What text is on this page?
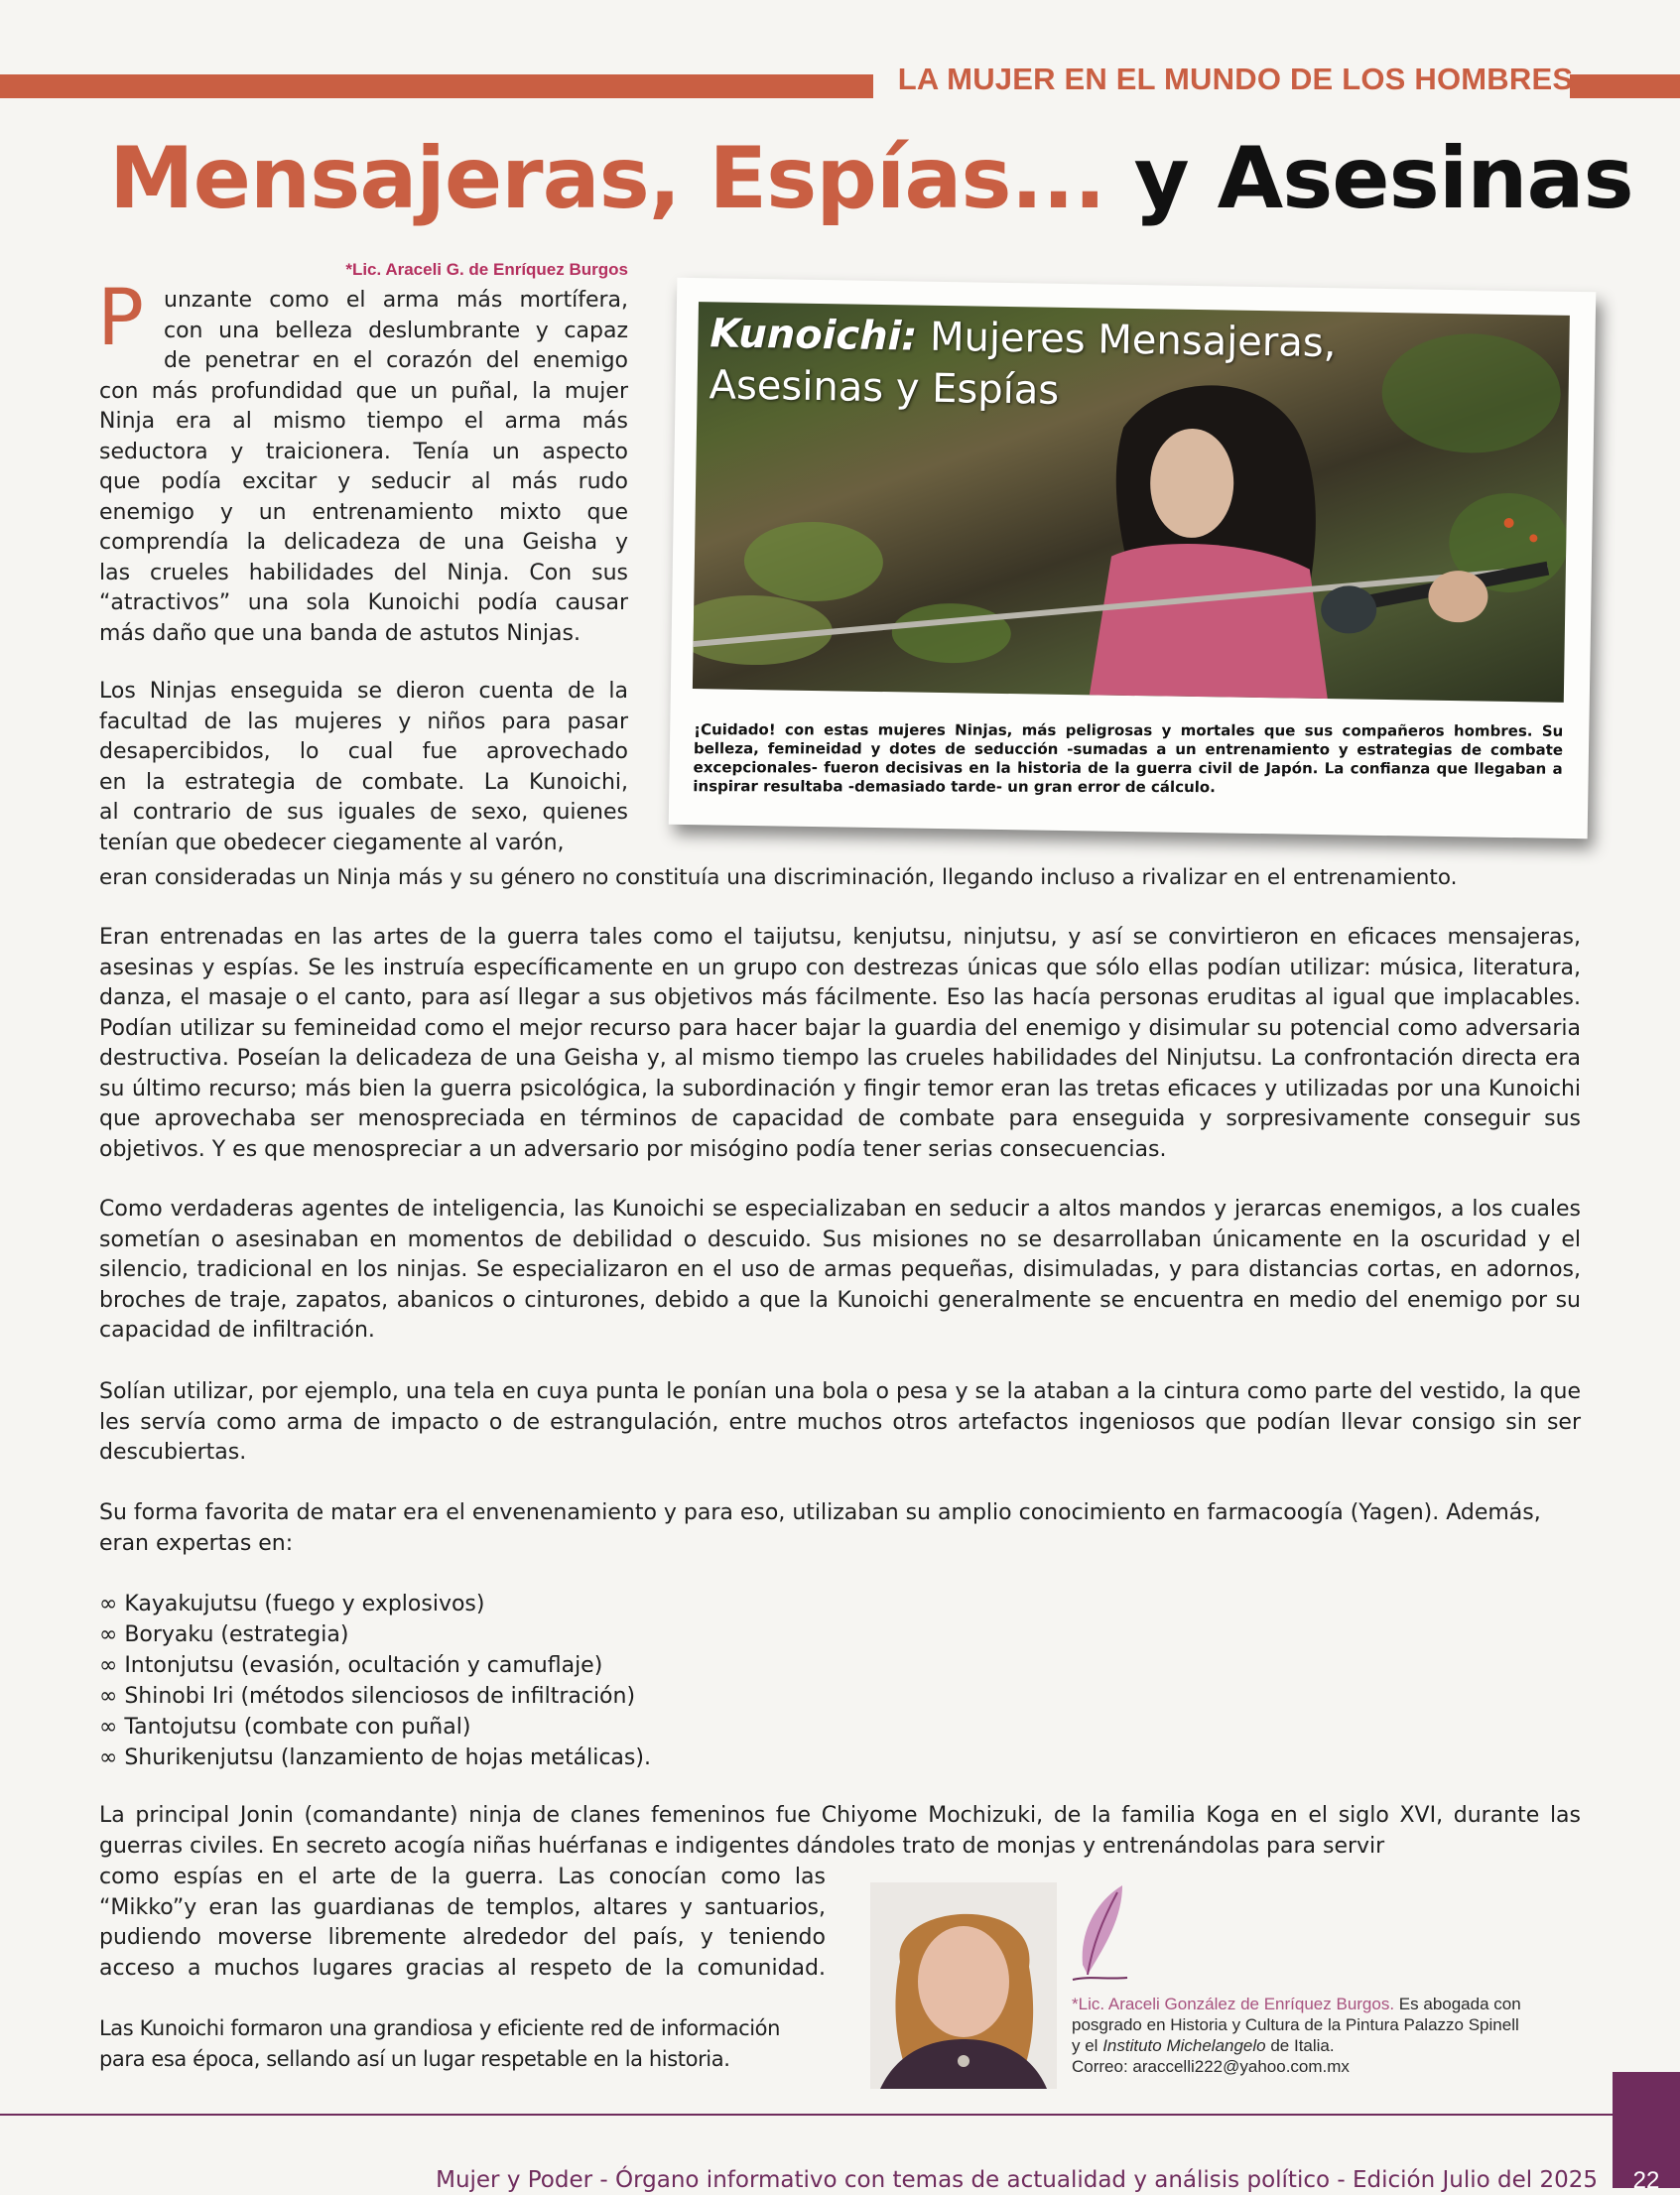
LA MUJER EN EL MUNDO DE LOS HOMBRES
Mensajeras, Espías... y Asesinas
*Lic. Araceli G. de Enríquez Burgos
P unzante como el arma más mortífera,
con una belleza deslumbrante y capaz
de penetrar en el corazón del enemigo
con más profundidad que un puñal, la mujer
Ninja era al mismo tiempo el arma más
seductora y traicionera. Tenía un aspecto
que podía excitar y seducir al más rudo
enemigo y un entrenamiento mixto que
comprendía la delicadeza de una Geisha y
las crueles habilidades del Ninja. Con sus
“atractivos” una sola Kunoichi podía causar
más daño que una banda de astutos Ninjas.
Los Ninjas enseguida se dieron cuenta de la
facultad de las mujeres y niños para pasar
desapercibidos, lo cual fue aprovechado
en la estrategia de combate. La Kunoichi,
al contrario de sus iguales de sexo, quienes
tenían que obedecer ciegamente al varón,
eran consideradas un Ninja más y su género no constituía una discriminación, llegando incluso a rivalizar en el entrenamiento.
Kunoichi: Mujeres Mensajeras,
Asesinas y Espías
¡Cuidado! con estas mujeres Ninjas, más peligrosas y mortales que sus compañeros hombres. Su belleza, femineidad y dotes de seducción -sumadas a un entrenamiento y estrategias de combate excepcionales- fueron decisivas en la historia de la guerra civil de Japón. La confianza que llegaban a inspirar resultaba -demasiado tarde- un gran error de cálculo.
Eran entrenadas en las artes de la guerra tales como el taijutsu, kenjutsu, ninjutsu, y así se convirtieron en eficaces mensajeras, asesinas y espías. Se les instruía específicamente en un grupo con destrezas únicas que sólo ellas podían utilizar: música, literatura, danza, el masaje o el canto, para así llegar a sus objetivos más fácilmente. Eso las hacía personas eruditas al igual que implacables. Podían utilizar su femineidad como el mejor recurso para hacer bajar la guardia del enemigo y disimular su potencial como adversaria destructiva. Poseían la delicadeza de una Geisha y, al mismo tiempo las crueles habilidades del Ninjutsu. La confrontación directa era su último recurso; más bien la guerra psicológica, la subordinación y fingir temor eran las tretas eficaces y utilizadas por una Kunoichi que aprovechaba ser menospreciada en términos de capacidad de combate para enseguida y sorpresivamente conseguir sus objetivos. Y es que menospreciar a un adversario por misógino podía tener serias consecuencias.
Como verdaderas agentes de inteligencia, las Kunoichi se especializaban en seducir a altos mandos y jerarcas enemigos, a los cuales sometían o asesinaban en momentos de debilidad o descuido. Sus misiones no se desarrollaban únicamente en la oscuridad y el silencio, tradicional en los ninjas. Se especializaron en el uso de armas pequeñas, disimuladas, y para distancias cortas, en adornos, broches de traje, zapatos, abanicos o cinturones, debido a que la Kunoichi generalmente se encuentra en medio del enemigo por su capacidad de infiltración.
Solían utilizar, por ejemplo, una tela en cuya punta le ponían una bola o pesa y se la ataban a la cintura como parte del vestido, la que les servía como arma de impacto o de estrangulación, entre muchos otros artefactos ingeniosos que podían llevar consigo sin ser descubiertas.
Su forma favorita de matar era el envenenamiento y para eso, utilizaban su amplio conocimiento en farmacoogía (Yagen). Además, eran expertas en:
∞ Kayakujutsu (fuego y explosivos)
∞ Boryaku (estrategia)
∞ Intonjutsu (evasión, ocultación y camuflaje)
∞ Shinobi Iri (métodos silenciosos de infiltración)
∞ Tantojutsu (combate con puñal)
∞ Shurikenjutsu (lanzamiento de hojas metálicas).
La principal Jonin (comandante) ninja de clanes femeninos fue Chiyome Mochizuki, de la familia Koga en el siglo XVI, durante las guerras civiles. En secreto acogía niñas huérfanas e indigentes dándoles trato de monjas y entrenándolas para servir
como espías en el arte de la guerra. Las conocían como las
“Mikko”y eran las guardianas de templos, altares y santuarios,
pudiendo moverse libremente alrededor del país, y teniendo
acceso a muchos lugares gracias al respeto de la comunidad.
Las Kunoichi formaron una grandiosa y eficiente red de información
para esa época, sellando así un lugar respetable en la historia.
*Lic. Araceli González de Enríquez Burgos. Es abogada con
posgrado en Historia y Cultura de la Pintura Palazzo Spinell
y el Instituto Michelangelo de Italia.
Correo: araccelli222@yahoo.com.mx
Mujer y Poder - Órgano informativo con temas de actualidad y análisis político - Edición Julio del 2025	22
